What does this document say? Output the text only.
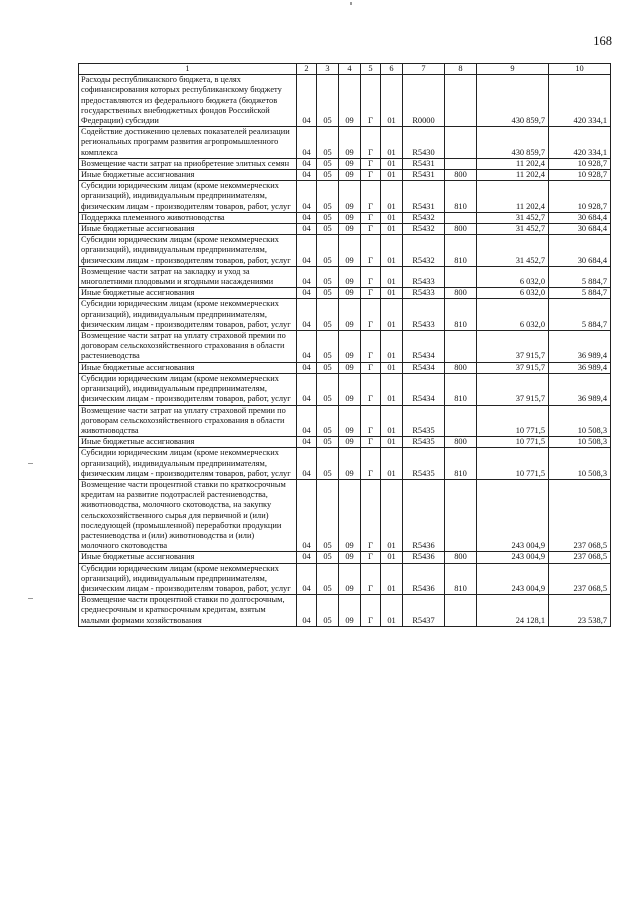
168
1	2	3	4	5	6	7	8	9	10
Расходы республиканского бюджета, в целях софинансирования которых республиканскому бюджету предоставляются из федерального бюджета (бюджетов государственных внебюджетных фондов Российской Федерации) субсидии	04	05	09	Г	01	R0000		430 859,7	420 334,1
Содействие достижению целевых показателей реализации региональных программ развития агропромышленного комплекса	04	05	09	Г	01	R5430		430 859,7	420 334,1
Возмещение части затрат на приобретение элитных семян	04	05	09	Г	01	R5431		11 202,4	10 928,7
Иные бюджетные ассигнования	04	05	09	Г	01	R5431	800	11 202,4	10 928,7
Субсидии юридическим лицам (кроме некоммерческих организаций), индивидуальным предпринимателям, физическим лицам - производителям товаров, работ, услуг	04	05	09	Г	01	R5431	810	11 202,4	10 928,7
Поддержка племенного животноводства	04	05	09	Г	01	R5432		31 452,7	30 684,4
Иные бюджетные ассигнования	04	05	09	Г	01	R5432	800	31 452,7	30 684,4
Субсидии юридическим лицам (кроме некоммерческих организаций), индивидуальным предпринимателям, физическим лицам - производителям товаров, работ, услуг	04	05	09	Г	01	R5432	810	31 452,7	30 684,4
Возмещение части затрат на закладку и уход за многолетними плодовыми и ягодными насаждениями	04	05	09	Г	01	R5433		6 032,0	5 884,7
Иные бюджетные ассигнования	04	05	09	Г	01	R5433	800	6 032,0	5 884,7
Субсидии юридическим лицам (кроме некоммерческих организаций), индивидуальным предпринимателям, физическим лицам - производителям товаров, работ, услуг	04	05	09	Г	01	R5433	810	6 032,0	5 884,7
Возмещение части затрат на уплату страховой премии по договорам сельскохозяйственного страхования в области растениеводства	04	05	09	Г	01	R5434		37 915,7	36 989,4
Иные бюджетные ассигнования	04	05	09	Г	01	R5434	800	37 915,7	36 989,4
Субсидии юридическим лицам (кроме некоммерческих организаций), индивидуальным предпринимателям, физическим лицам - производителям товаров, работ, услуг	04	05	09	Г	01	R5434	810	37 915,7	36 989,4
Возмещение части затрат на уплату страховой премии по договорам сельскохозяйственного страхования в области животноводства	04	05	09	Г	01	R5435		10 771,5	10 508,3
Иные бюджетные ассигнования	04	05	09	Г	01	R5435	800	10 771,5	10 508,3
Субсидии юридическим лицам (кроме некоммерческих организаций), индивидуальным предпринимателям, физическим лицам - производителям товаров, работ, услуг	04	05	09	Г	01	R5435	810	10 771,5	10 508,3
Возмещение части процентной ставки по краткосрочным кредитам на развитие подотраслей растениеводства, животноводства, молочного скотоводства, на закупку сельскохозяйственного сырья для первичной и (или) последующей (промышленной) переработки продукции растениеводства и (или) животноводства и (или) молочного скотоводства	04	05	09	Г	01	R5436		243 004,9	237 068,5
Иные бюджетные ассигнования	04	05	09	Г	01	R5436	800	243 004,9	237 068,5
Субсидии юридическим лицам (кроме некоммерческих организаций), индивидуальным предпринимателям, физическим лицам - производителям товаров, работ, услуг	04	05	09	Г	01	R5436	810	243 004,9	237 068,5
Возмещение части процентной ставки по долгосрочным, среднесрочным и краткосрочным кредитам, взятым малыми формами хозяйствования	04	05	09	Г	01	R5437		24 128,1	23 538,7
